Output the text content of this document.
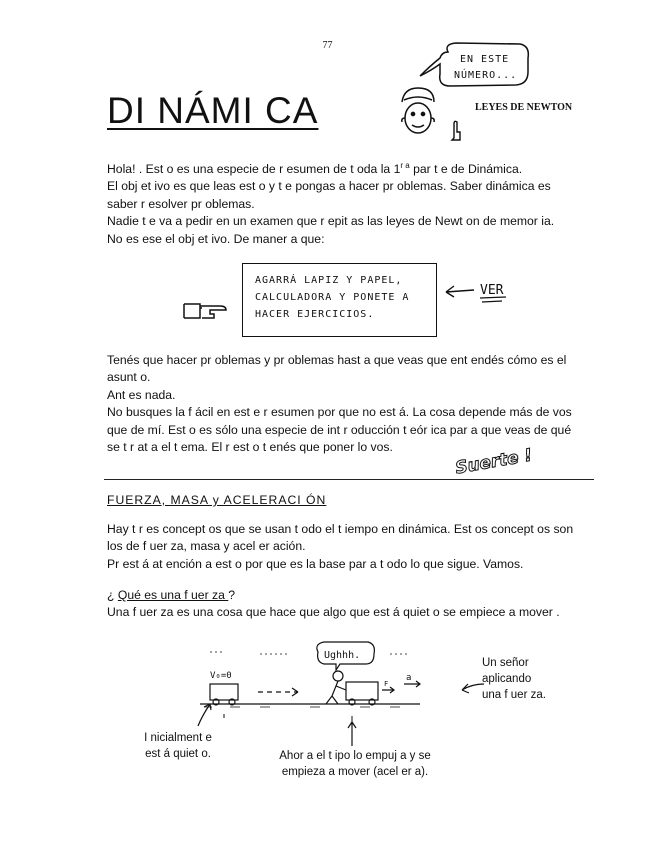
77
DI NÁMI CA
EN ESTE
NÚMERO...
LEYES DE NEWTON

Hola! . Est o es una especie de r esumen de t oda la $1^{r a}$ par t e de Dinámica.

El obj et ivo es que leas est o y t e pongas a hacer pr oblemas. Saber dinámica es

saber r esolver pr oblemas.

Nadie t e va a pedir en un examen que r epit as las leyes de Newt on de memor ia.

No es ese el obj et ivo. De maner a que:

AGARRÁ LAPIZ Y PAPEL,
CALCULADORA Y PONETE A
HACER EJERCICIOS.
VER

Tenés que hacer pr oblemas y pr oblemas hast a que veas que ent endés cómo es el

asunt o.

Ant es nada.

No busques la f ácil en est e r esumen por que no est á. La cosa depende más de vos

que de mí. Est o es sólo una especie de int r oducción t eór ica par a que veas de qué

se t r at a el t ema. El r est o t enés que poner lo vos.	Suerte !
FUERZA, MASA y ACELERACI ÓN

Hay t r es concept os que se usan t odo el t iempo en dinámica. Est os concept os son

los de f uer za, masa y acel er ación.

Pr est á at ención a est o por que es la base par a t odo lo que sigue. Vamos.

¿ Qué es una f uer za ?

Una f uer za es una cosa que hace que algo que est á quiet o se empiece a mover .

V₀=0
Ughhh.
F
a
Un señor
aplicando
una f uer za.
I nicialment e
est á quiet o.	Ahor a el t ipo lo empuj a y se
empieza a mover (acel er a).
